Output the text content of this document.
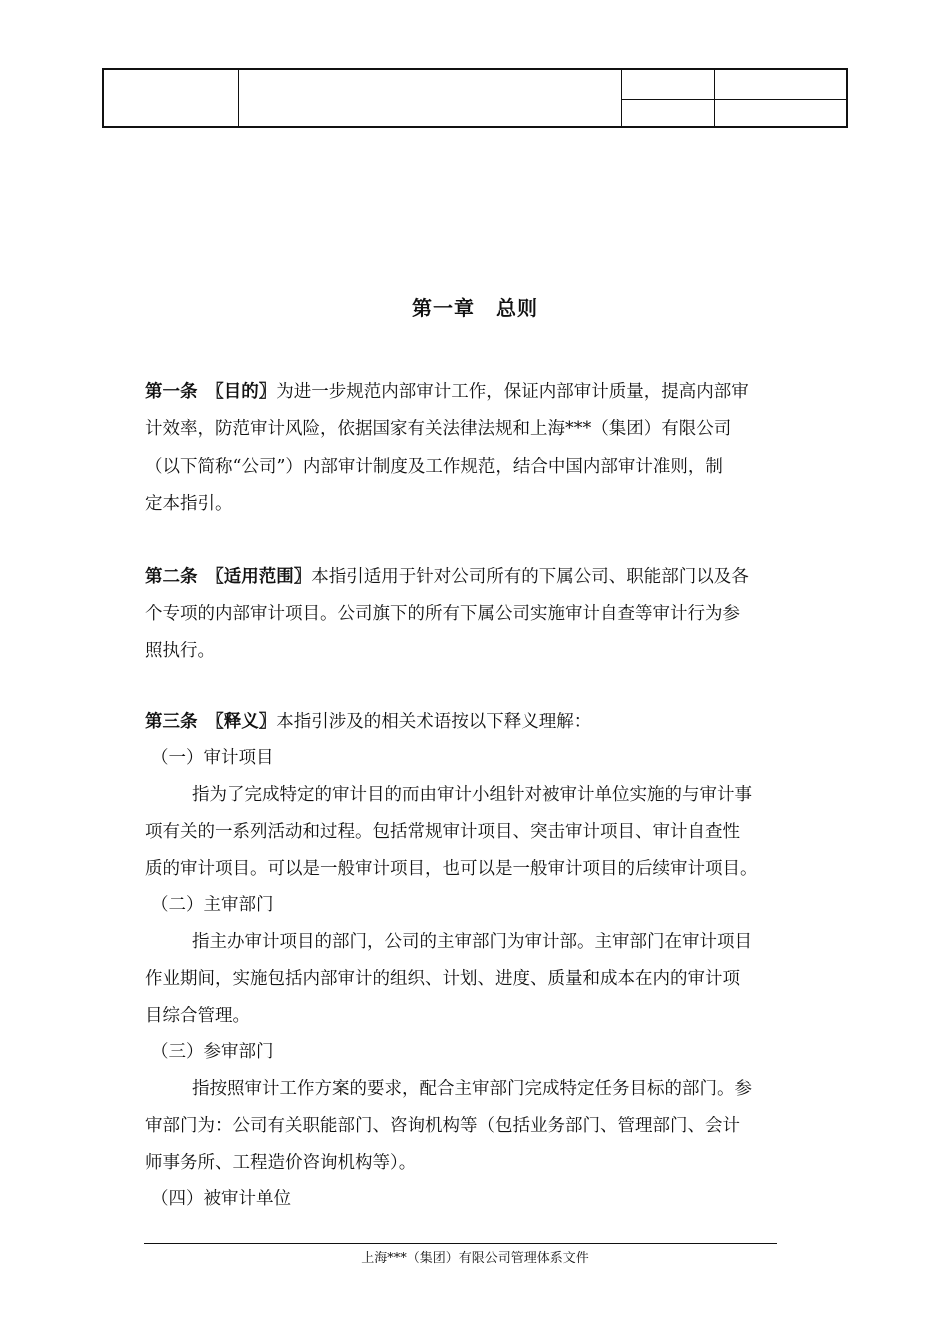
第一章　总则
第一条　〖目的〗为进一步规范内部审计工作，保证内部审计质量，提高内部审
计效率，防范审计风险，依据国家有关法律法规和上海***（集团）有限公司
（以下简称“公司”）内部审计制度及工作规范，结合中国内部审计准则，制
定本指引。
第二条　〖适用范围〗本指引适用于针对公司所有的下属公司、职能部门以及各
个专项的内部审计项目。公司旗下的所有下属公司实施审计自查等审计行为参
照执行。
第三条　〖释义〗本指引涉及的相关术语按以下释义理解：
（一）审计项目
指为了完成特定的审计目的而由审计小组针对被审计单位实施的与审计事
项有关的一系列活动和过程。包括常规审计项目、突击审计项目、审计自查性
质的审计项目。可以是一般审计项目，也可以是一般审计项目的后续审计项目。
（二）主审部门
指主办审计项目的部门，公司的主审部门为审计部。主审部门在审计项目
作业期间，实施包括内部审计的组织、计划、进度、质量和成本在内的审计项
目综合管理。
（三）参审部门
指按照审计工作方案的要求，配合主审部门完成特定任务目标的部门。参
审部门为：公司有关职能部门、咨询机构等（包括业务部门、管理部门、会计
师事务所、工程造价咨询机构等）。
（四）被审计单位
上海***（集团）有限公司管理体系文件
